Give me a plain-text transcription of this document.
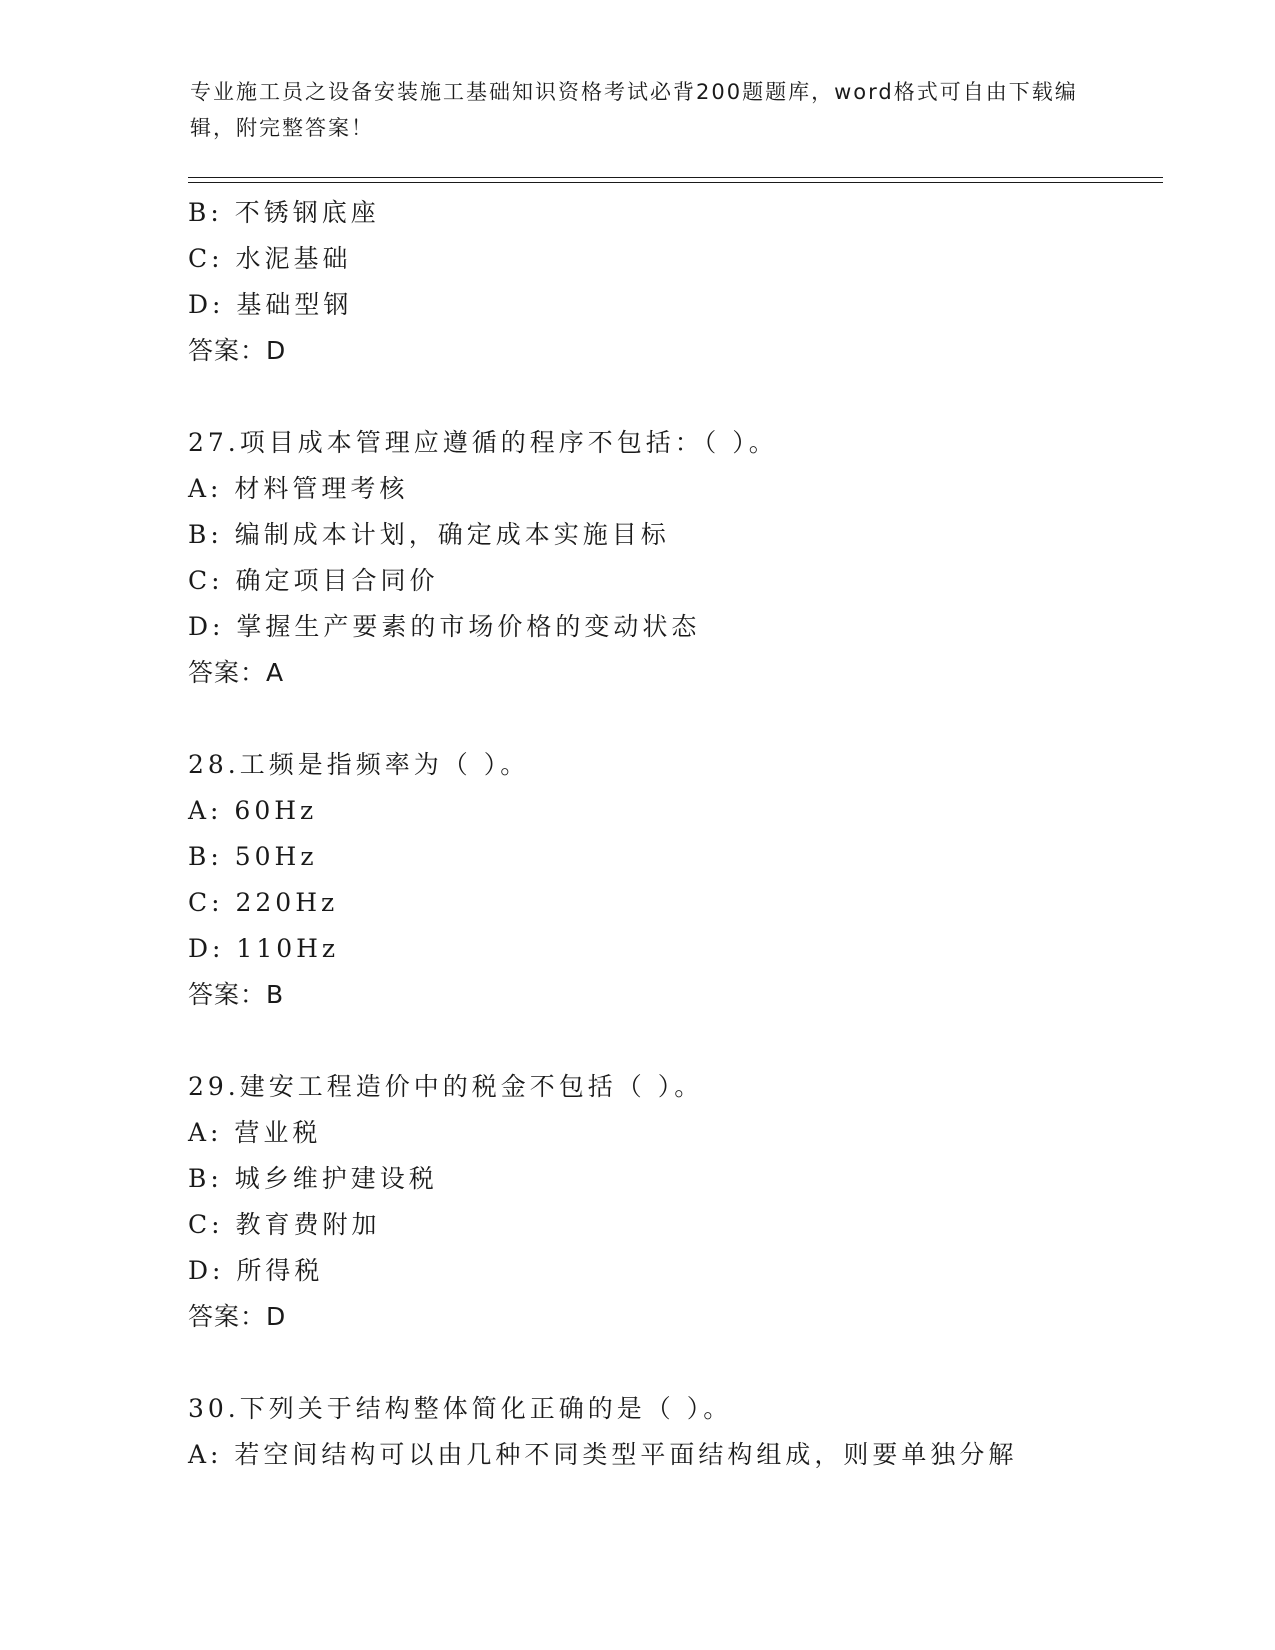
专业施工员之设备安装施工基础知识资格考试必背200题题库，word格式可自由下载编辑，附完整答案！
B: 不锈钢底座
C: 水泥基础
D: 基础型钢
答案：D
27.项目成本管理应遵循的程序不包括：（ ）。
A: 材料管理考核
B: 编制成本计划，确定成本实施目标
C: 确定项目合同价
D: 掌握生产要素的市场价格的变动状态
答案：A
28.工频是指频率为（ ）。
A: 60Hz
B: 50Hz
C: 220Hz
D: 110Hz
答案：B
29.建安工程造价中的税金不包括（ ）。
A: 营业税
B: 城乡维护建设税
C: 教育费附加
D: 所得税
答案：D
30.下列关于结构整体简化正确的是（ ）。
A: 若空间结构可以由几种不同类型平面结构组成，则要单独分解
